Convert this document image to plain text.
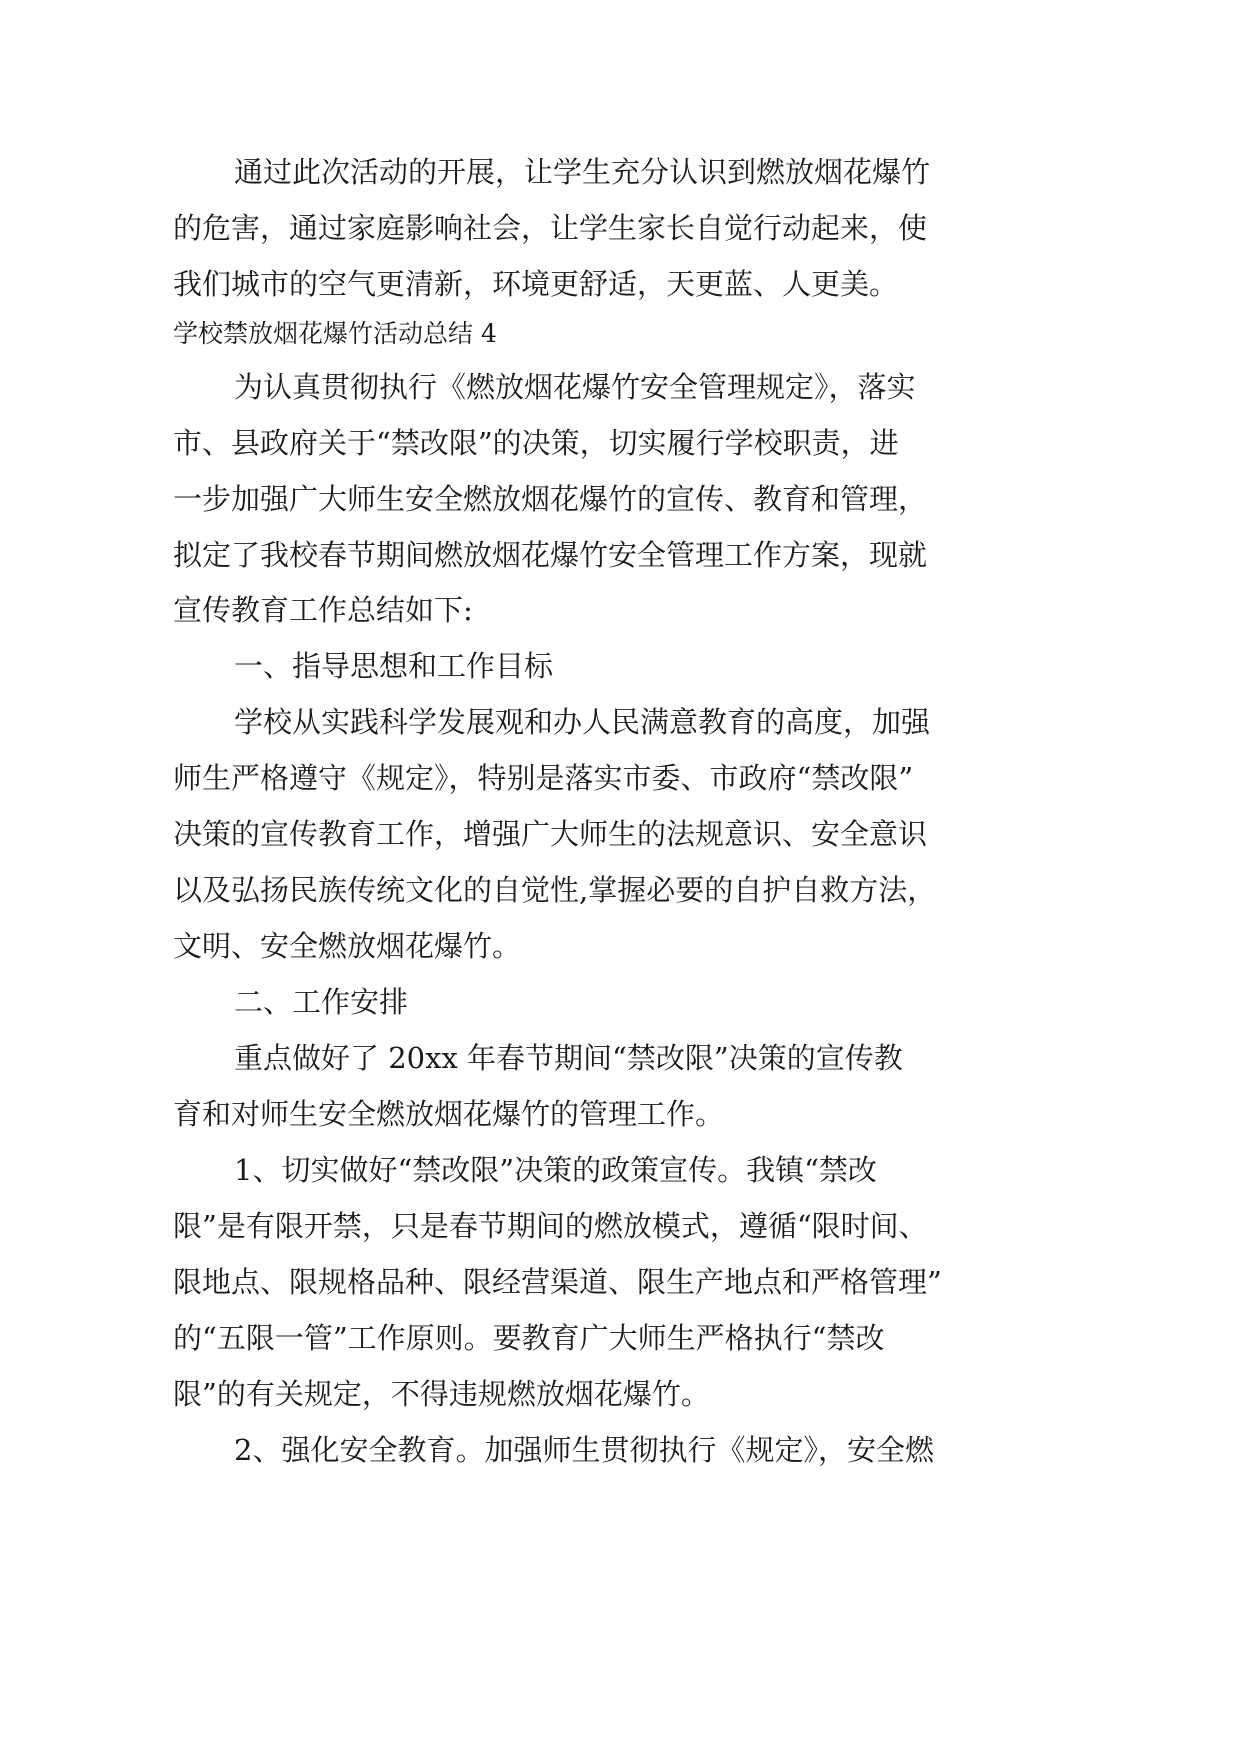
通过此次活动的开展，让学生充分认识到燃放烟花爆竹

的危害，通过家庭影响社会，让学生家长自觉行动起来，使

我们城市的空气更清新，环境更舒适，天更蓝、人更美。

学校禁放烟花爆竹活动总结 4

为认真贯彻执行《燃放烟花爆竹安全管理规定》，落实

市、县政府关于“禁改限”的决策，切实履行学校职责，进

一步加强广大师生安全燃放烟花爆竹的宣传、教育和管理，

拟定了我校春节期间燃放烟花爆竹安全管理工作方案，现就

宣传教育工作总结如下:

一、指导思想和工作目标

学校从实践科学发展观和办人民满意教育的高度，加强

师生严格遵守《规定》，特别是落实市委、市政府“禁改限”

决策的宣传教育工作，增强广大师生的法规意识、安全意识

以及弘扬民族传统文化的自觉性,掌握必要的自护自救方法，

文明、安全燃放烟花爆竹。

二、工作安排

重点做好了 20xx 年春节期间“禁改限”决策的宣传教

育和对师生安全燃放烟花爆竹的管理工作。

1、切实做好“禁改限”决策的政策宣传。我镇“禁改

限”是有限开禁，只是春节期间的燃放模式，遵循“限时间、

限地点、限规格品种、限经营渠道、限生产地点和严格管理”

的“五限一管”工作原则。要教育广大师生严格执行“禁改

限”的有关规定，不得违规燃放烟花爆竹。

2、强化安全教育。加强师生贯彻执行《规定》，安全燃
